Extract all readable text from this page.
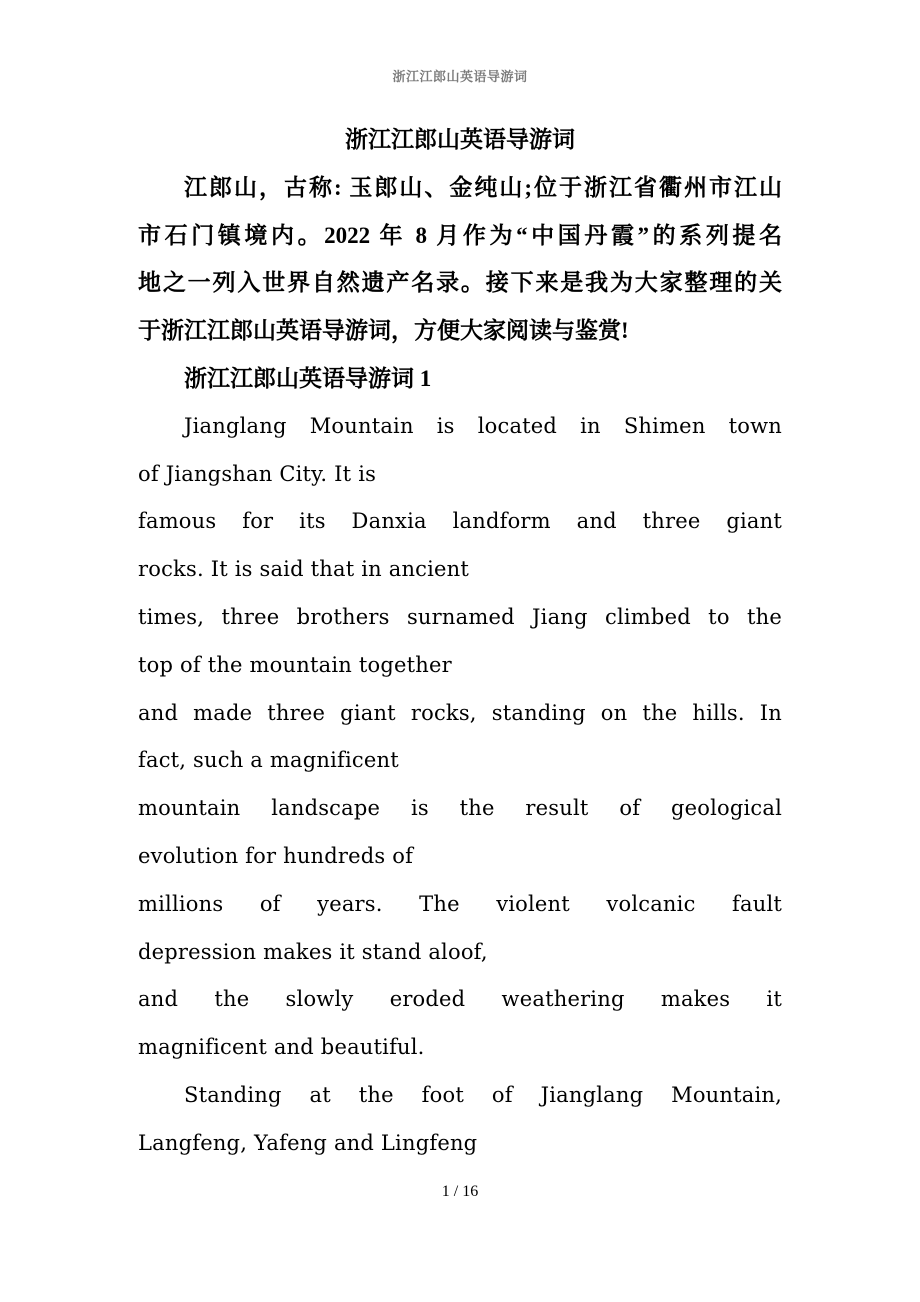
浙江江郎山英语导游词
浙江江郎山英语导游词
江郎山，古称: 玉郎山、金纯山;位于浙江省衢州市江山
市石门镇境内。2022 年 8 月作为“中国丹霞”的系列提名
地之一列入世界自然遗产名录。接下来是我为大家整理的关
于浙江江郎山英语导游词，方便大家阅读与鉴赏!
浙江江郎山英语导游词 1
Jianglang Mountain is located in Shimen town
of Jiangshan City. It is
famous for its Danxia landform and three giant
rocks. It is said that in ancient
times, three brothers surnamed Jiang climbed to the
top of the mountain together
and made three giant rocks, standing on the hills. In
fact, such a magnificent
mountain landscape is the result of geological
evolution for hundreds of
millions of years. The violent volcanic fault
depression makes it stand aloof,
and the slowly eroded weathering makes it
magnificent and beautiful.
Standing at the foot of Jianglang Mountain,
Langfeng, Yafeng and Lingfeng
1 / 16
